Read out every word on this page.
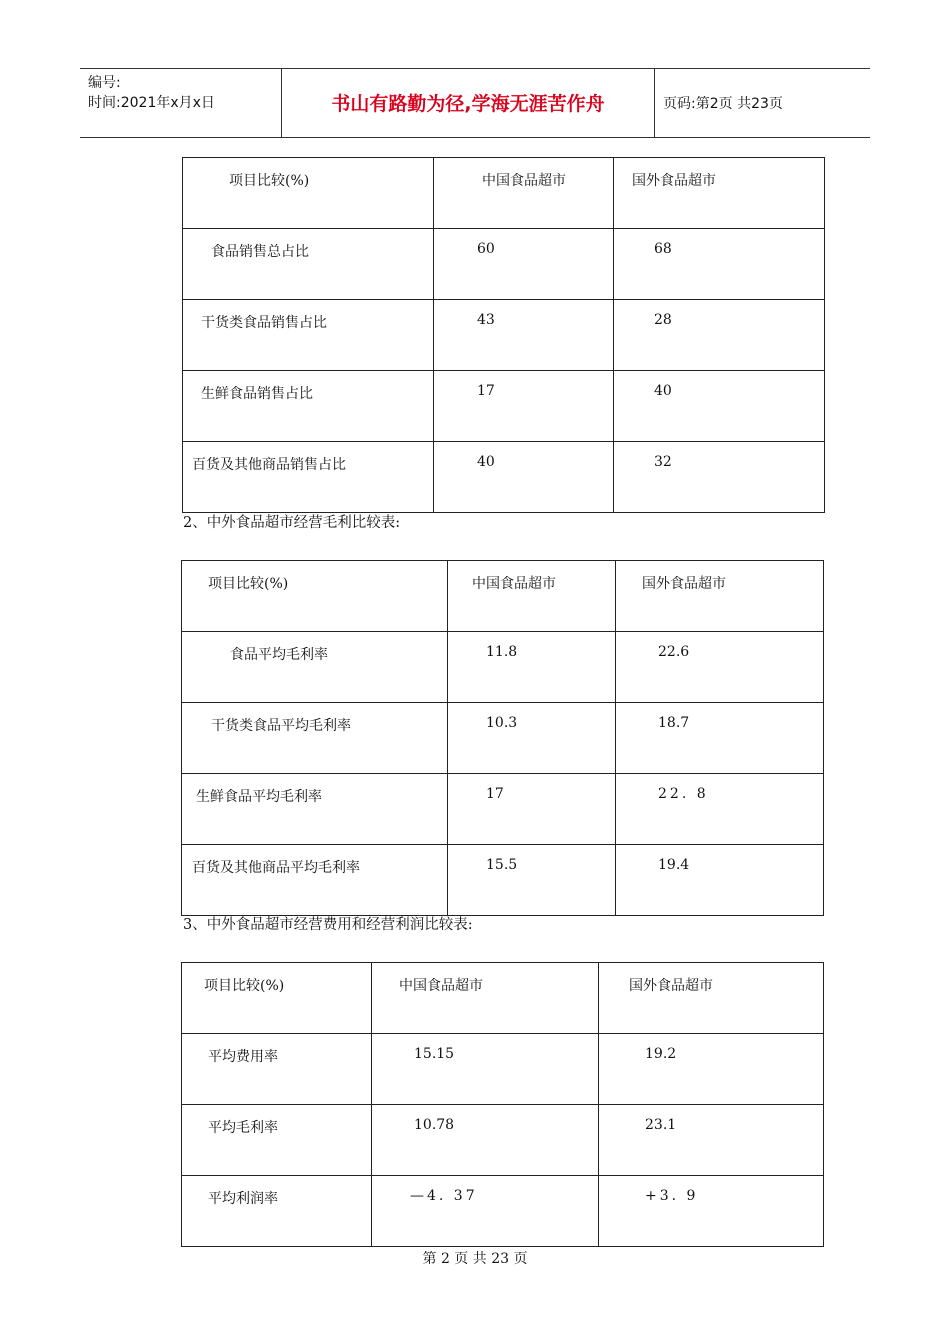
编号:
时间:2021年x月x日	书山有路勤为径,学海无涯苦作舟	页码:第2页 共23页
项目比较(%)	中国食品超市	国外食品超市
食品销售总占比	60	68
干货类食品销售占比	43	28
生鲜食品销售占比	17	40
百货及其他商品销售占比	40	32
2、中外食品超市经营毛利比较表:
项目比较(%)	中国食品超市	国外食品超市
食品平均毛利率	11.8	22.6
干货类食品平均毛利率	10.3	18.7
生鲜食品平均毛利率	17	22. 8
百货及其他商品平均毛利率	15.5	19.4
3、中外食品超市经营费用和经营利润比较表:
项目比较(%)	中国食品超市	国外食品超市
平均费用率	15.15	19.2
平均毛利率	10.78	23.1
平均利润率	—4. 37	+3. 9
第 2 页 共 23 页
